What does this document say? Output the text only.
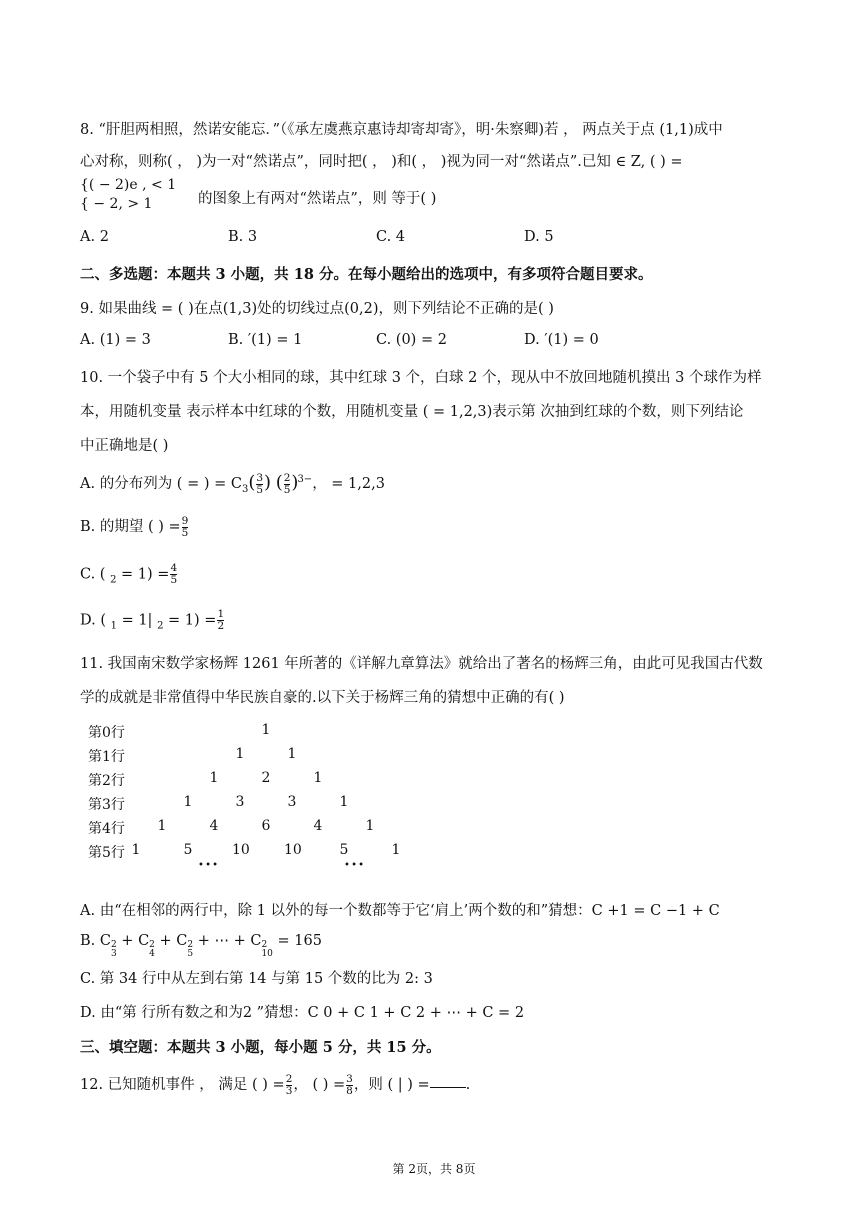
8. “肝胆两相照，然诺安能忘．”（《承左虞燕京惠诗却寄却寄》，明·朱察卿)若 ， 两点关于点 (1,1)成中
心对称，则称( ， )为一对“然诺点”，同时把( ， )和( ， )视为同一对“然诺点”.已知 ∈ Z, ( ) =
{( − 2)e , < 1
{ − 2, > 1	的图象上有两对“然诺点”，则 等于( )
A. 2	B. 3	C. 4	D. 5
二、多选题：本题共 3 小题，共 18 分。在每小题给出的选项中，有多项符合题目要求。
9. 如果曲线 = ( )在点(1,3)处的切线过点(0,2)，则下列结论不正确的是( )
A. (1) = 3	B. ′(1) = 1	C. (0) = 2	D. ′(1) = 0
10. 一个袋子中有 5 个大小相同的球，其中红球 3 个，白球 2 个，现从中不放回地随机摸出 3 个球作为样
本，用随机变量 表示样本中红球的个数，用随机变量 ( = 1,2,3)表示第 次抽到红球的个数，则下列结论
中正确地是( )
A. 的分布列为 ( = ) = $C_3( \frac{3}{5}$ ) ( $\frac{2}{5} )3-$， = 1,2,3
B. 的期望 ( ) = $\frac{9}{5}$
C. ( $_2 = 1) = \frac{4}{5}$
D. ( $_1$ = 1| $_2 = 1) = \frac{1}{2}$
11. 我国南宋数学家杨辉 1261 年所著的《详解九章算法》就给出了著名的杨辉三角，由此可见我国古代数
学的成就是非常值得中华民族自豪的.以下关于杨辉三角的猜想中正确的有( )
第0行	1
第1行	1	1
第2行	1	2	1
第3行	1	3	3	1
第4行 1	4	6	4	1
第5行 1	5	10 10	5	1
• • •	• • •
A. 由“在相邻的两行中，除 1 以外的每一个数都等于它‘肩上’两个数的和”猜想：C +1 = C −1 + C
B. C 2
3
+ C 2
4
+ C 2
5
+ ⋯ + C 2
10
= 165
C. 第 34 行中从左到右第 14 与第 15 个数的比为 2: 3
D. 由“第 行所有数之和为2 ”猜想：C 0 + C 1 + C 2 + ⋯ + C = 2
三、填空题：本题共 3 小题，每小题 5 分，共 15 分。
12. 已知随机事件 ， 满足 ( ) = $\frac{2}{3}$ ， ( ) = $\frac{3}{8}$ ，则 ( | ) = .
第 2页，共 8页
